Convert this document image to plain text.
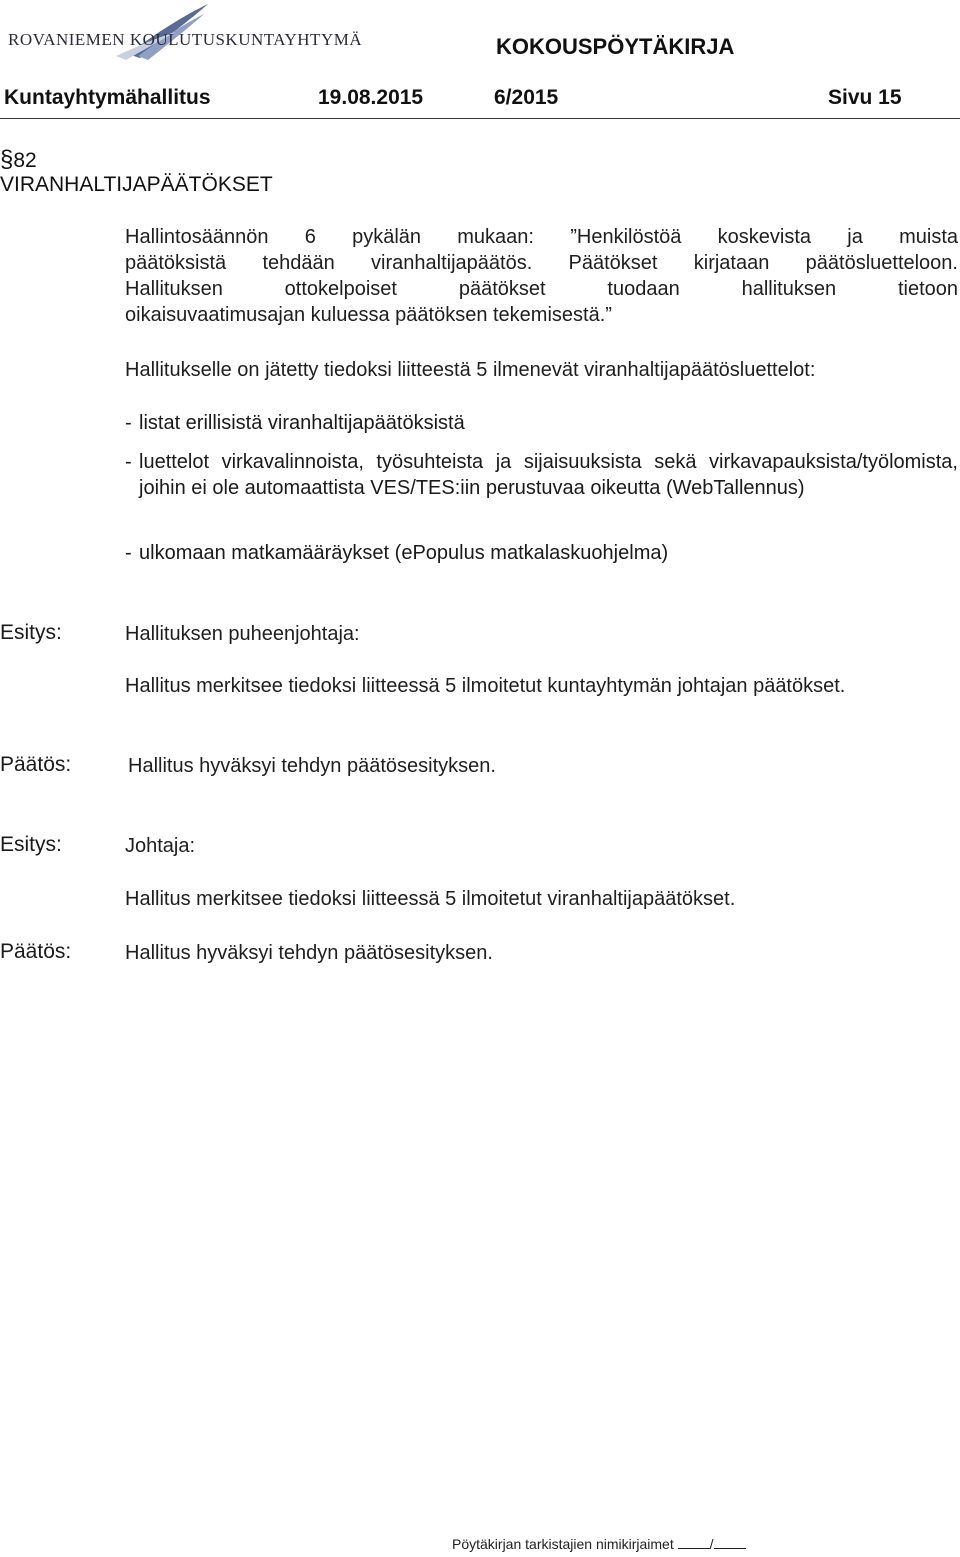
ROVANIEMEN KOULUTUSKUNTAYHTYMÄ	KOKOUSPÖYTÄKIRJA
Kuntayhtymähallitus	19.08.2015	6/2015	Sivu 15
§82
VIRANHALTIJAPÄÄTÖKSET
Hallintosäännön 6 pykälän mukaan: ”Henkilöstöä koskevista ja muista
päätöksistä tehdään viranhaltijapäätös. Päätökset kirjataan päätösluetteloon.
Hallituksen ottokelpoiset päätökset tuodaan hallituksen tietoon
oikaisuvaatimusajan kuluessa päätöksen tekemisestä.”
Hallitukselle on jätetty tiedoksi liitteestä 5 ilmenevät viranhaltijapäätösluettelot:
- listat erillisistä viranhaltijapäätöksistä
- luettelot virkavalinnoista, työsuhteista ja sijaisuuksista sekä virkavapauksista/työlomista, joihin ei ole automaattista VES/TES:iin perustuvaa oikeutta (WebTallennus)
- ulkomaan matkamääräykset (ePopulus matkalaskuohjelma)
Esitys:	Hallituksen puheenjohtaja:
Hallitus merkitsee tiedoksi liitteessä 5 ilmoitetut kuntayhtymän johtajan päätökset.
Päätös:	Hallitus hyväksyi tehdyn päätösesityksen.
Esitys:	Johtaja:
Hallitus merkitsee tiedoksi liitteessä 5 ilmoitetut viranhaltijapäätökset.
Päätös:	Hallitus hyväksyi tehdyn päätösesityksen.
Pöytäkirjan tarkistajien nimikirjaimet	/
